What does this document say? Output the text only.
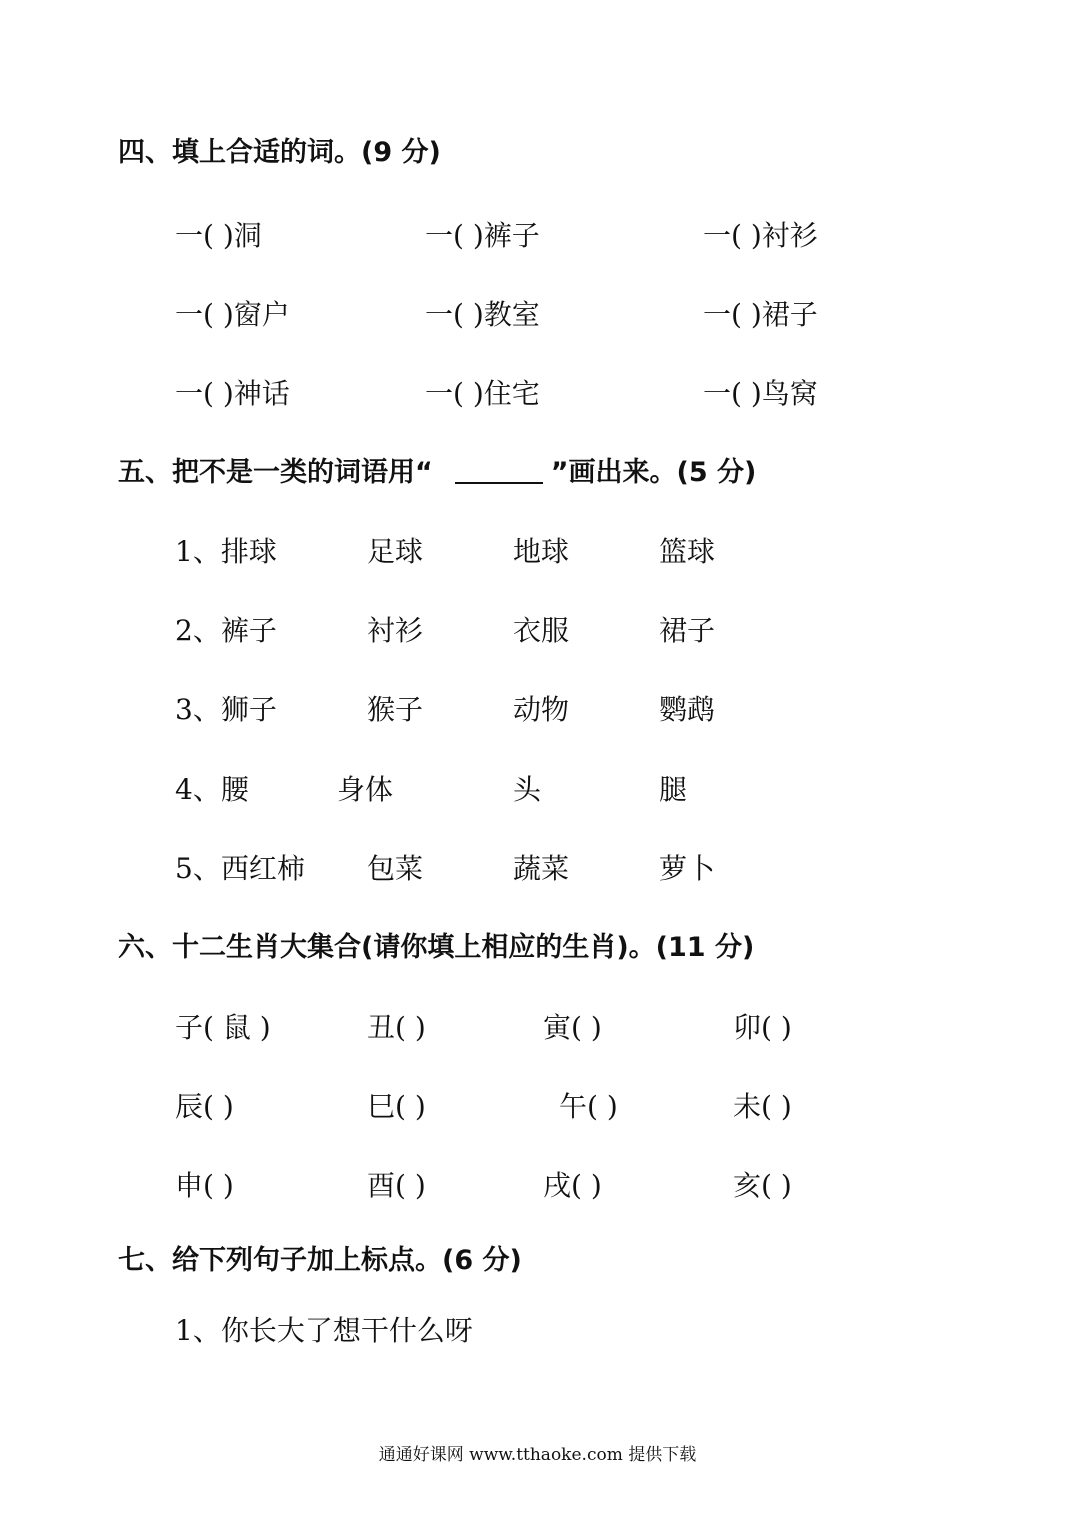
四、填上合适的词。(9 分)
一( )洞	一( )裤子	一( )衬衫
一( )窗户	一( )教室	一( )裙子
一( )神话	一( )住宅	一( )鸟窝
五、把不是一类的词语用“	”画出来。(5 分)
1、排球	足球	地球	篮球
2、裤子	衬衫	衣服	裙子
3、狮子	猴子	动物	鹦鹉
4、腰	身体	头	腿
5、西红柿 包菜	蔬菜	萝卜
六、十二生肖大集合(请你填上相应的生肖)。(11 分)
子( 鼠 )	丑( )	寅( )	卯( )
辰( )	巳( )	午( )	未( )
申( )	酉( )	戌( )	亥( )
七、给下列句子加上标点。(6 分)
1、你长大了想干什么呀
通通好课网 www.tthaoke.com 提供下载
